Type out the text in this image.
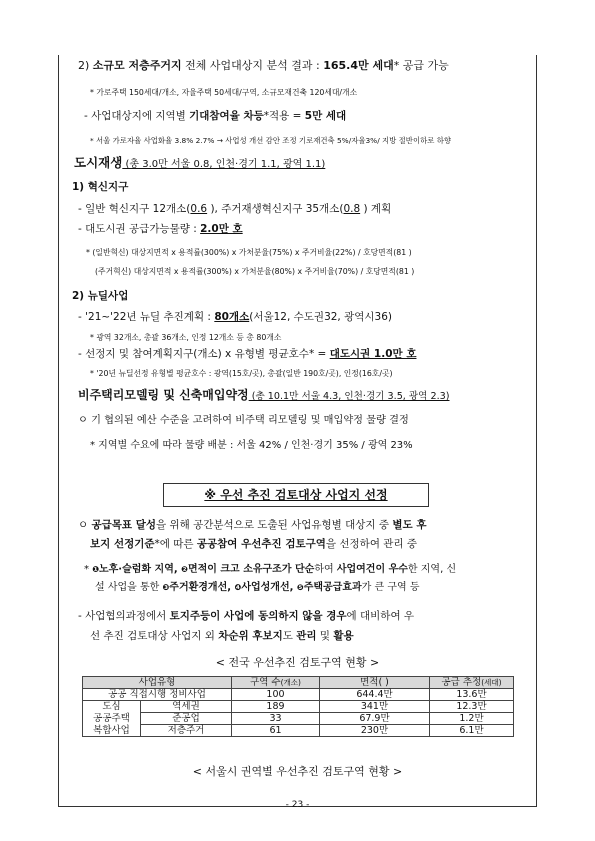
2) 소규모 저층주거지 전체 사업대상지 분석 결과 : 165.4만 세대* 공급 가능
* 가로주택 150세대/개소, 자율주택 50세대/구역, 소규모재건축 120세대/개소
- 사업대상지에 지역별 기대참여율 차등*적용 = 5만 세대
* 서울 가로자율 사업화율 3.8% 2.7% → 사업성 개선 감안 조정 기로재건축 5%/자율3%/ 지방 절반이하로 하향
도시재생 (총 3.0만 서울 0.8, 인천·경기 1.1, 광역 1.1)
1) 혁신지구
- 일반 혁신지구 12개소(0.6 ), 주거재생혁신지구 35개소(0.8 ) 계획
- 대도시권 공급가능물량 : 2.0만 호
* (일반혁신) 대상지면적 x 용적률(300%) x 가처분율(75%) x 주거비율(22%) / 호당면적(81 )
(주거혁신) 대상지면적 x 용적률(300%) x 가처분율(80%) x 주거비율(70%) / 호당면적(81 )
2) 뉴딜사업
- '21~'22년 뉴딜 추진계획 : 80개소(서울12, 수도권32, 광역시36)
* 광역 32개소, 총괄 36개소, 인정 12개소 등 총 80개소
- 선정지 및 참여계획지구(개소) x 유형별 평균호수* = 대도시권 1.0만 호
* '20년 뉴딜선정 유형별 평균호수 : 광역(15호/곳), 총괄(일반 190호/곳), 인정(16호/곳)
비주택리모델링 및 신축매입약정 (총 10.1만 서울 4.3, 인천·경기 3.5, 광역 2.3)
ㅇ 기 협의된 예산 수준을 고려하여 비주택 리모델링 및 매입약정 물량 결정
* 지역별 수요에 따라 물량 배분 : 서울 42% / 인천·경기 35% / 광역 23%
※ 우선 추진 검토대상 사업지 선정
ㅇ 공급목표 달성을 위해 공간분석으로 도출된 사업유형별 대상지 중 별도 후
보지 선정기준*에 따른 공공참여 우선추진 검토구역을 선정하여 관리 중
* ❶노후·슬럼화 지역, ❷면적이 크고 소유구조가 단순하여 사업여건이 우수한 지역, 신
설 사업을 통한 ❸주거환경개선, ❹사업성개선, ❺주택공급효과가 큰 구역 등
- 사업협의과정에서 토지주등이 사업에 동의하지 않을 경우에 대비하여 우
선 추진 검토대상 사업지 외 차순위 후보지도 관리 및 활용
< 전국 우선추진 검토구역 현황 >
사업유형		구역 수(개소)	면적( )	공급 추정(세대)
공공 직접시행 정비사업		100	644.4만	13.6만
도심	역세권	189	341만	12.3만
공공주택	준공업	33	67.9만	1.2만
복합사업	저층주거	61	230만	6.1만
< 서울시 권역별 우선추진 검토구역 현황 >
- 23 -
